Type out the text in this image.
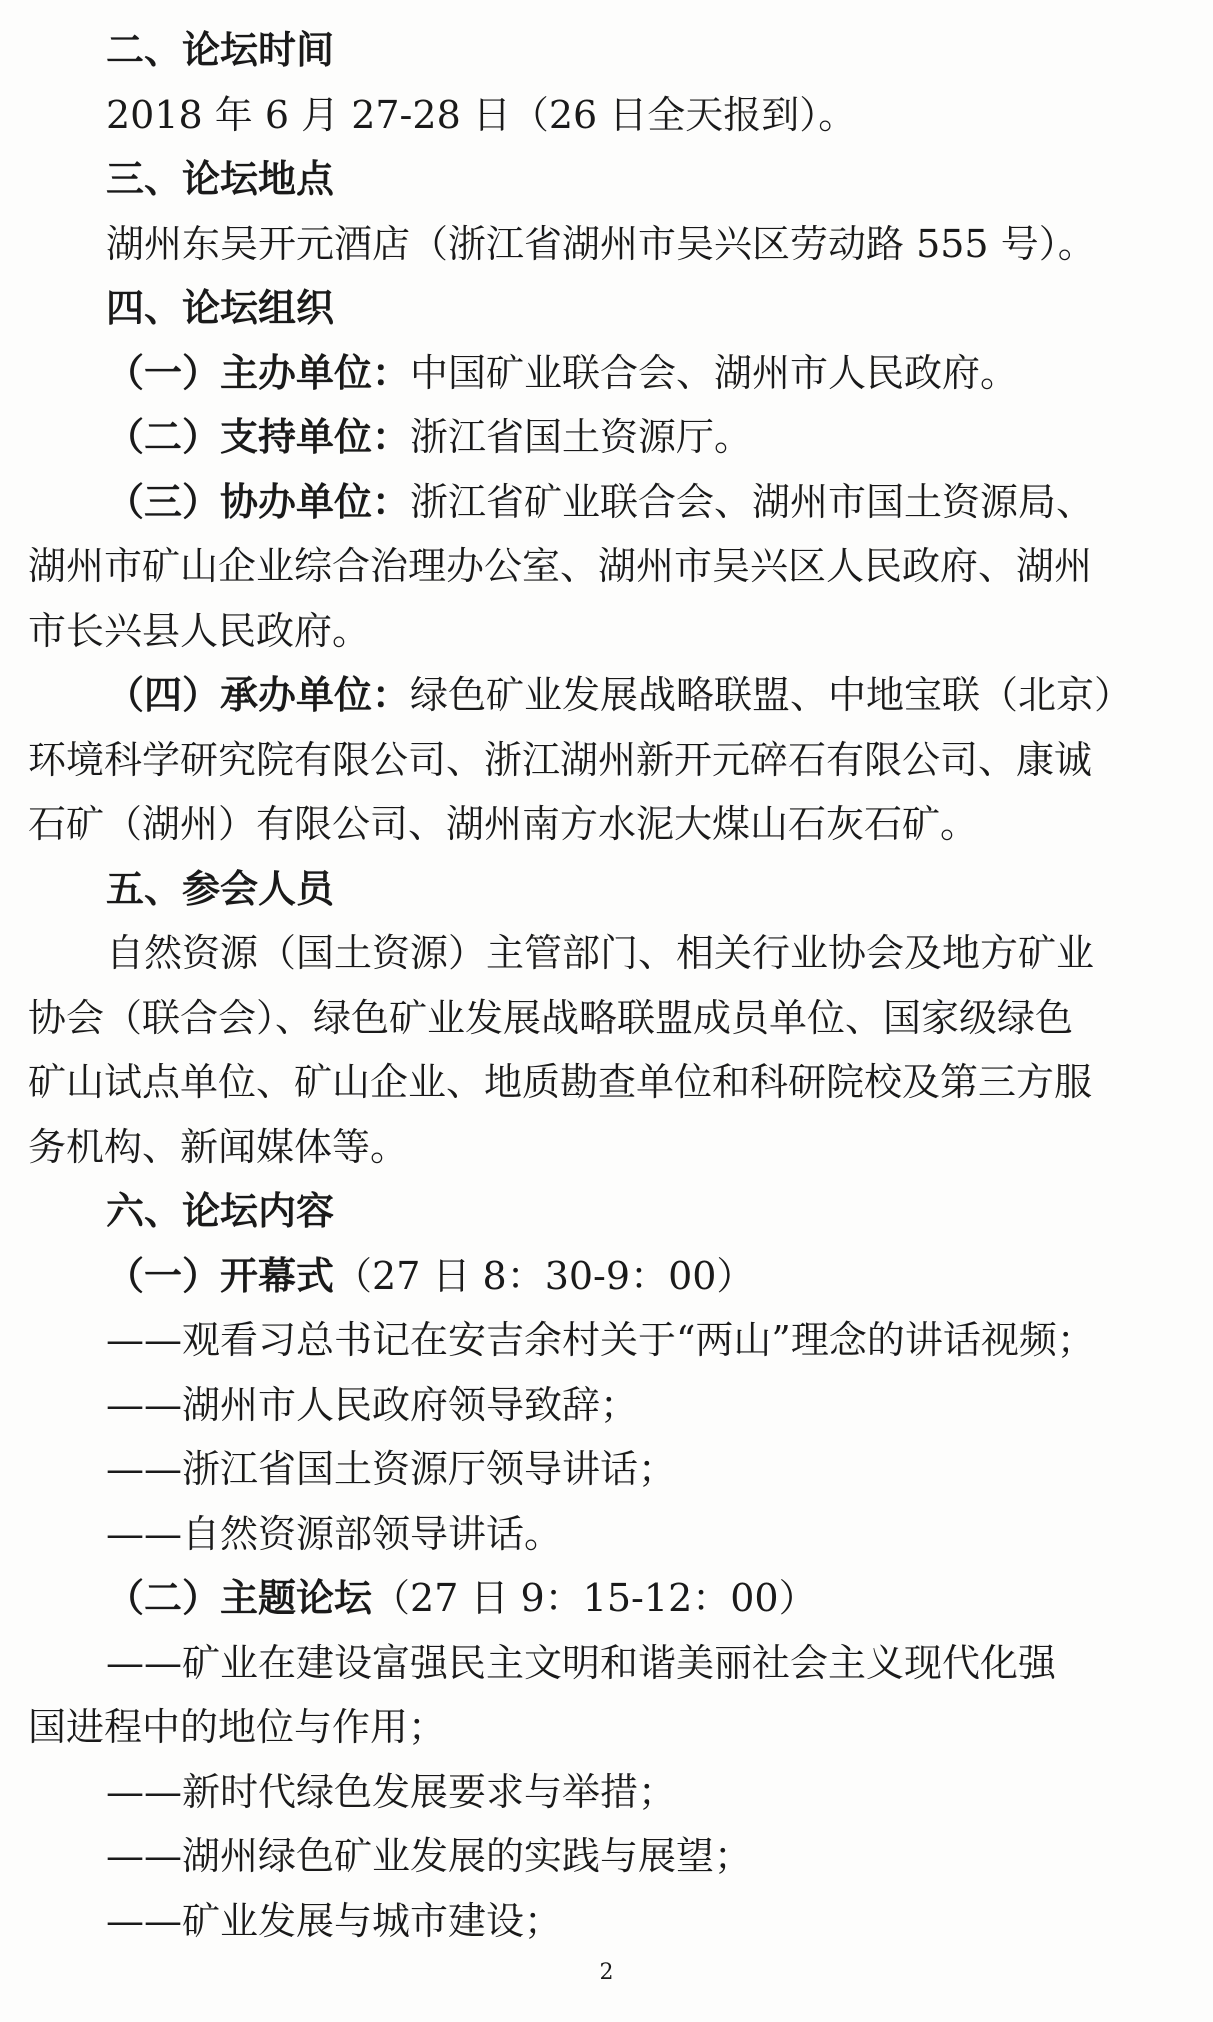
二、论坛时间
2018 年 6 月 27-28 日（26 日全天报到）。
三、论坛地点
湖州东吴开元酒店（浙江省湖州市吴兴区劳动路 555 号）。
四、论坛组织
（一）主办单位：中国矿业联合会、湖州市人民政府。
（二）支持单位：浙江省国土资源厅。
（三）协办单位：浙江省矿业联合会、湖州市国土资源局、
湖州市矿山企业综合治理办公室、湖州市吴兴区人民政府、湖州
市长兴县人民政府。
（四）承办单位：绿色矿业发展战略联盟、中地宝联（北京）
环境科学研究院有限公司、浙江湖州新开元碎石有限公司、康诚
石矿（湖州）有限公司、湖州南方水泥大煤山石灰石矿。
五、参会人员
自然资源（国土资源）主管部门、相关行业协会及地方矿业
协会（联合会）、绿色矿业发展战略联盟成员单位、国家级绿色
矿山试点单位、矿山企业、地质勘查单位和科研院校及第三方服
务机构、新闻媒体等。
六、论坛内容
（一）开幕式（27 日 8：30-9：00）
——观看习总书记在安吉余村关于“两山”理念的讲话视频；
——湖州市人民政府领导致辞；
——浙江省国土资源厅领导讲话；
——自然资源部领导讲话。
（二）主题论坛（27 日 9：15-12：00）
——矿业在建设富强民主文明和谐美丽社会主义现代化强
国进程中的地位与作用；
——新时代绿色发展要求与举措；
——湖州绿色矿业发展的实践与展望；
——矿业发展与城市建设；
2
